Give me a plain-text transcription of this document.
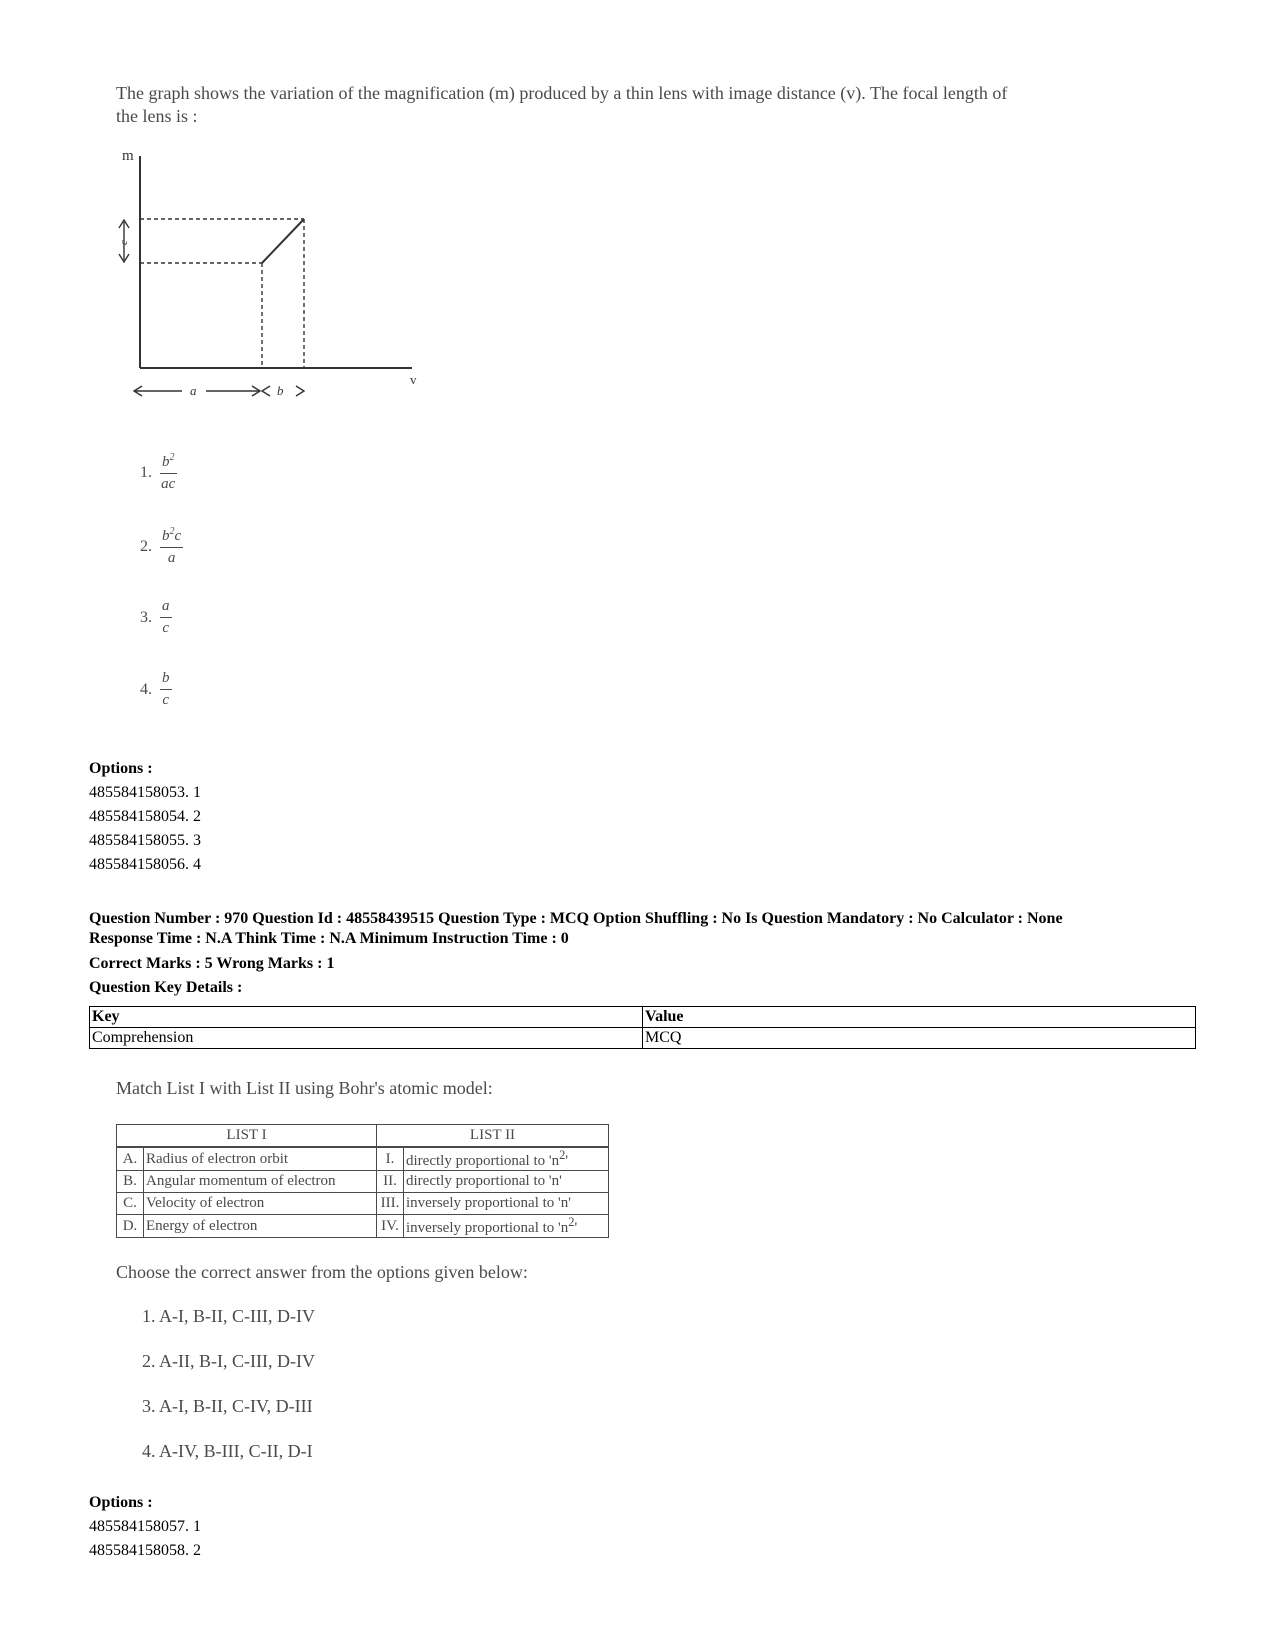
The graph shows the variation of the magnification (m) produced by a thin lens with image distance (v). The focal length of the lens is :
m
v
a	b
c
1. $\frac{b^2}{ac}$
2. $\frac{b^2c}{a}$
3. $\frac{a}{c}$
4. $\frac{b}{c}$
Options :
485584158053. 1
485584158054. 2
485584158055. 3
485584158056. 4
Question Number : 970 Question Id : 48558439515 Question Type : MCQ Option Shuffling : No Is Question Mandatory : No Calculator : None
Response Time : N.A Think Time : N.A Minimum Instruction Time : 0
Correct Marks : 5 Wrong Marks : 1
Question Key Details :
Key	Value
Comprehension	MCQ
Match List I with List II using Bohr's atomic model:
LIST I		LIST II	
A.	Radius of electron orbit	I.	directly proportional to '$n^2$'
B.	Angular momentum of electron	II.	directly proportional to 'n'
C.	Velocity of electron	III.	inversely proportional to 'n'
D.	Energy of electron	IV.	inversely proportional to '$n^2$'
Choose the correct answer from the options given below:
1. A-I, B-II, C-III, D-IV
2. A-II, B-I, C-III, D-IV
3. A-I, B-II, C-IV, D-III
4. A-IV, B-III, C-II, D-I
Options :
485584158057. 1
485584158058. 2
